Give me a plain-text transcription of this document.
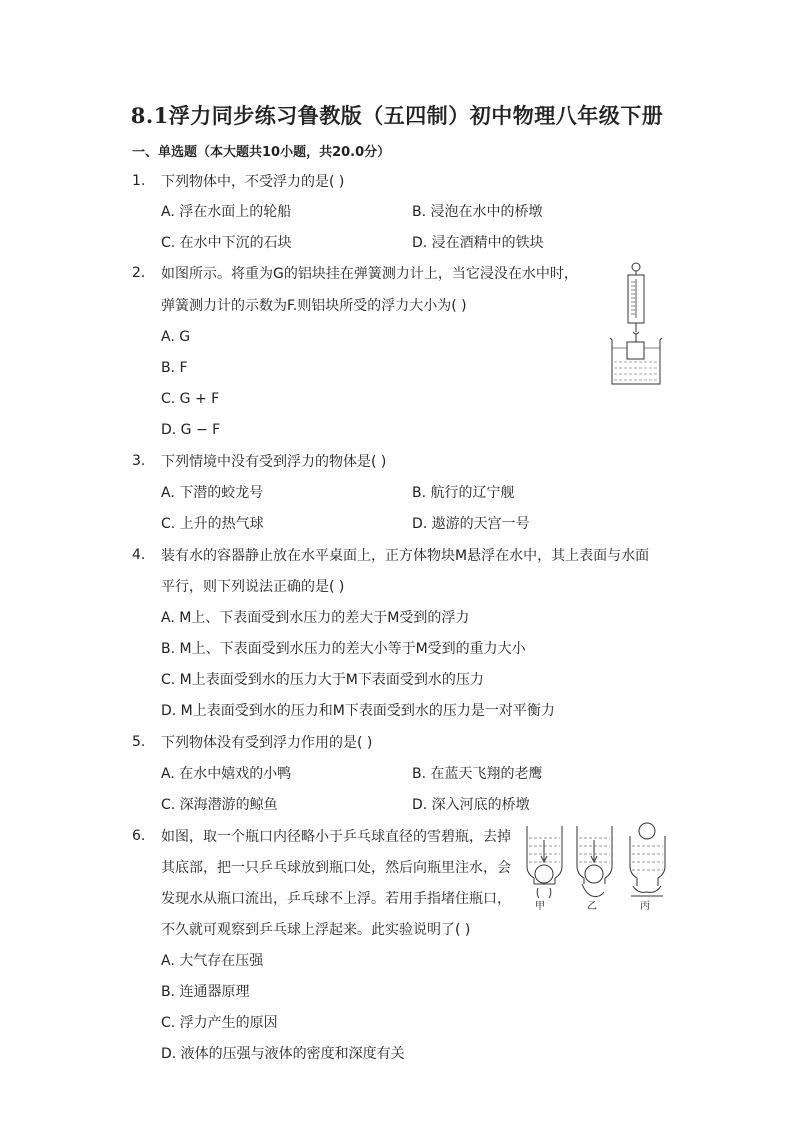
8.1浮力同步练习鲁教版（五四制）初中物理八年级下册
一、单选题（本大题共10小题，共20.0分）
1. 下列物体中，不受浮力的是( )
A. 浮在水面上的轮船	B. 浸泡在水中的桥墩
C. 在水中下沉的石块	D. 浸在酒精中的铁块
2. 如图所示。将重为G的铝块挂在弹簧测力计上，当它浸没在水中时，
弹簧测力计的示数为F.则铝块所受的浮力大小为( )
A. G
B. F
C. G + F
D. G − F
3. 下列情境中没有受到浮力的物体是( )
A. 下潜的蛟龙号	B. 航行的辽宁舰
C. 上升的热气球	D. 遨游的天宫一号
4. 装有水的容器静止放在水平桌面上，正方体物块M悬浮在水中，其上表面与水面
平行，则下列说法正确的是( )
A. M上、下表面受到水压力的差大于M受到的浮力
B. M上、下表面受到水压力的差大小等于M受到的重力大小
C. M上表面受到水的压力大于M下表面受到水的压力
D. M上表面受到水的压力和M下表面受到水的压力是一对平衡力
5. 下列物体没有受到浮力作用的是( )
A. 在水中嬉戏的小鸭	B. 在蓝天飞翔的老鹰
C. 深海潜游的鲸鱼	D. 深入河底的桥墩
6. 如图，取一个瓶口内径略小于乒乓球直径的雪碧瓶，去掉
其底部，把一只乒乓球放到瓶口处，然后向瓶里注水，会
发现水从瓶口流出，乒乓球不上浮。若用手指堵住瓶口，
不久就可观察到乒乓球上浮起来。此实验说明了( )
A. 大气存在压强
B. 连通器原理
C. 浮力产生的原因
D. 液体的压强与液体的密度和深度有关
甲	乙	丙
